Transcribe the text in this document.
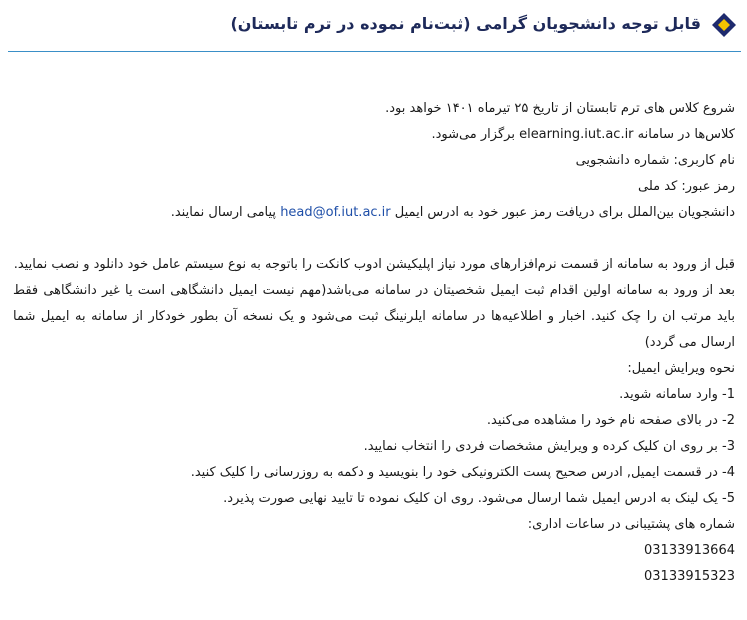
قابل توجه دانشجویان گرامی (ثبت‌نام نموده در ترم تابستان)

شروع کلاس های ترم تابستان از تاریخ ۲۵ تیرماه ۱۴۰۱ خواهد بود.

کلاس‌ها در سامانه elearning.iut.ac.ir برگزار می‌شود.

نام کاربری: شماره دانشجویی

رمز عبور: کد ملی

دانشجویان بین‌الملل برای دریافت رمز عبور خود به ادرس ایمیل head@of.iut.ac.ir پیامی ارسال نمایند.

قبل از ورود به سامانه از قسمت نرم‌افزارهای مورد نیاز اپلیکیشن ادوب کانکت را باتوجه به نوع سیستم عامل خود دانلود و نصب نمایید.

بعد از ورود به سامانه اولین اقدام ثبت ایمیل شخصیتان در سامانه می‌باشد(مهم نیست ایمیل دانشگاهی است یا غیر دانشگاهی فقط باید مرتب ان را چک کنید. اخبار و اطلاعیه‌ها در سامانه ایلرنینگ ثبت می‌شود و یک نسخه آن بطور خودکار از سامانه به ایمیل شما ارسال می گردد)

نحوه ویرایش ایمیل:

1- وارد سامانه شوید.

2- در بالای صفحه نام خود را مشاهده می‌کنید.

3- بر روی ان کلیک کرده و ویرایش مشخصات فردی را انتخاب نمایید.

4- در قسمت ایمیل, ادرس صحیح پست الکترونیکی خود را بنویسید و دکمه به روزرسانی را کلیک کنید.

5- یک لینک به ادرس ایمیل شما ارسال می‌شود. روی ان کلیک نموده تا تایید نهایی صورت پذیرد.

شماره های پشتیبانی در ساعات اداری:

03133913664

03133915323
